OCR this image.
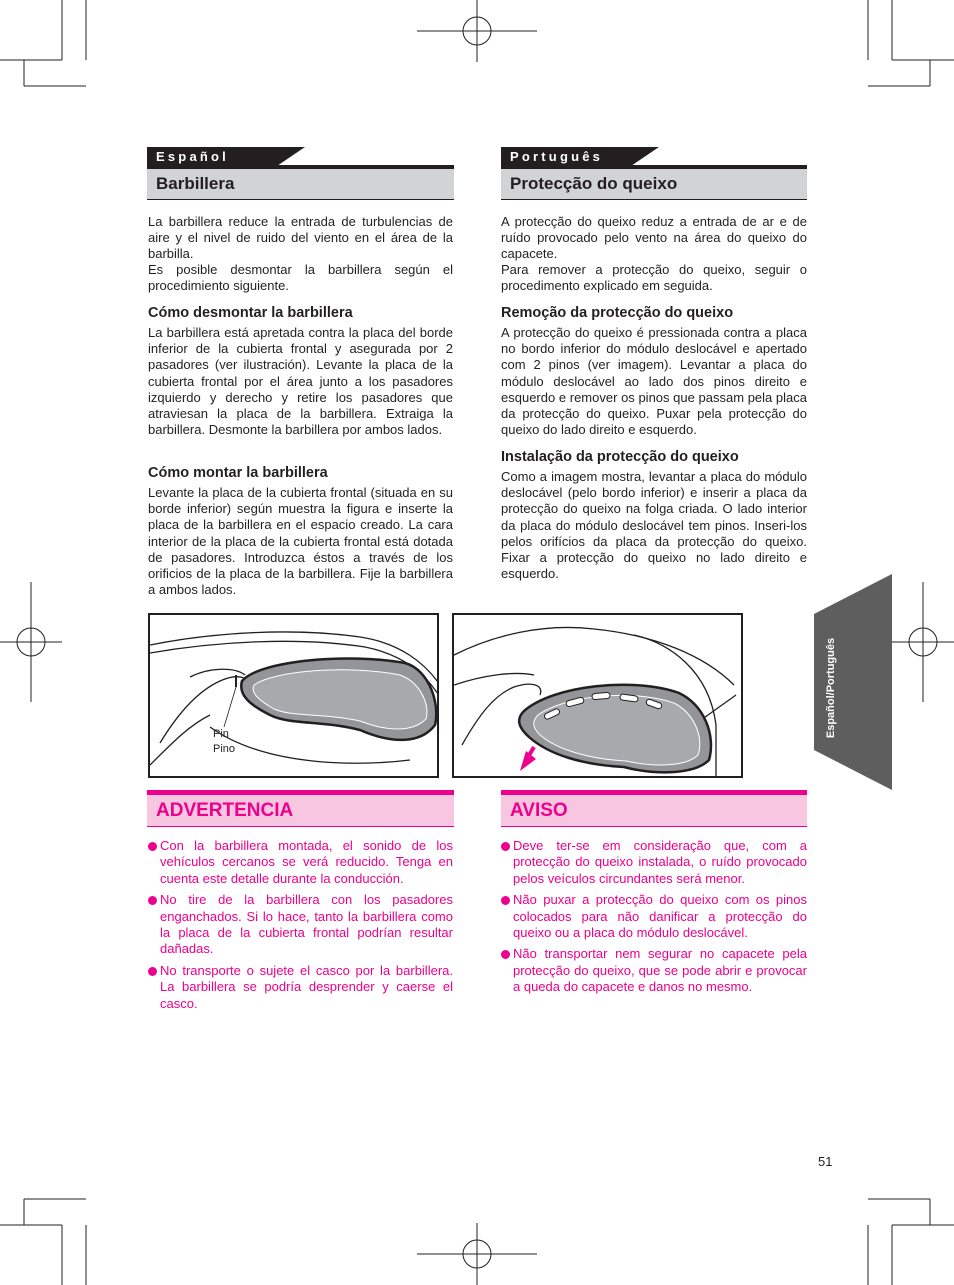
Español/Português
Español
Barbillera

La barbillera reduce la entrada de turbulencias de aire y el nivel de ruido del viento en el área de la barbilla.

Es posible desmontar la barbillera según el procedimiento siguiente.

Cómo desmontar la barbillera

La barbillera está apretada contra la placa del borde inferior de la cubierta frontal y asegurada por 2 pasadores (ver ilustración). Levante la placa de la cubierta frontal por el área junto a los pasadores izquierdo y derecho y retire los pasadores que atraviesan la placa de la barbillera. Extraiga la barbillera. Desmonte la barbillera por ambos lados.

Cómo montar la barbillera

Levante la placa de la cubierta frontal (situada en su borde inferior) según muestra la figura e inserte la placa de la barbillera en el espacio creado. La cara interior de la placa de la cubierta frontal está dotada de pasadores. Introduzca éstos a través de los orificios de la placa de la barbillera. Fije la barbillera a ambos lados.

Português
Protecção do queixo

A protecção do queixo reduz a entrada de ar e de ruído provocado pelo vento na área do queixo do capacete.

Para remover a protecção do queixo, seguir o procedimento explicado em seguida.

Remoção da protecção do queixo

A protecção do queixo é pressionada contra a placa no bordo inferior do módulo deslocável e apertado com 2 pinos (ver imagem). Levantar a placa do módulo deslocável ao lado dos pinos direito e esquerdo e remover os pinos que passam pela placa da protecção do queixo. Puxar pela protecção do queixo do lado direito e esquerdo.

Instalação da protecção do queixo

Como a imagem mostra, levantar a placa do módulo deslocável (pelo bordo inferior) e inserir a placa da protecção do queixo na folga criada. O lado interior da placa do módulo deslocável tem pinos. Inseri-los pelos orifícios da placa da protecção do queixo. Fixar a protecção do queixo no lado direito e esquerdo.

Pin
Pino
ADVERTENCIA
Con la barbillera montada, el sonido de los vehículos cercanos se verá reducido. Tenga en cuenta este detalle durante la conducción.
No tire de la barbillera con los pasadores enganchados. Si lo hace, tanto la barbillera como la placa de la cubierta frontal podrían resultar dañadas.
No transporte o sujete el casco por la barbillera. La barbillera se podría desprender y caerse el casco.
AVISO
Deve ter-se em consideração que, com a protecção do queixo instalada, o ruído provocado pelos veículos circundantes será menor.
Não puxar a protecção do queixo com os pinos colocados para não danificar a protecção do queixo ou a placa do módulo deslocável.
Não transportar nem segurar no capacete pela protecção do queixo, que se pode abrir e provocar a queda do capacete e danos no mesmo.
51
